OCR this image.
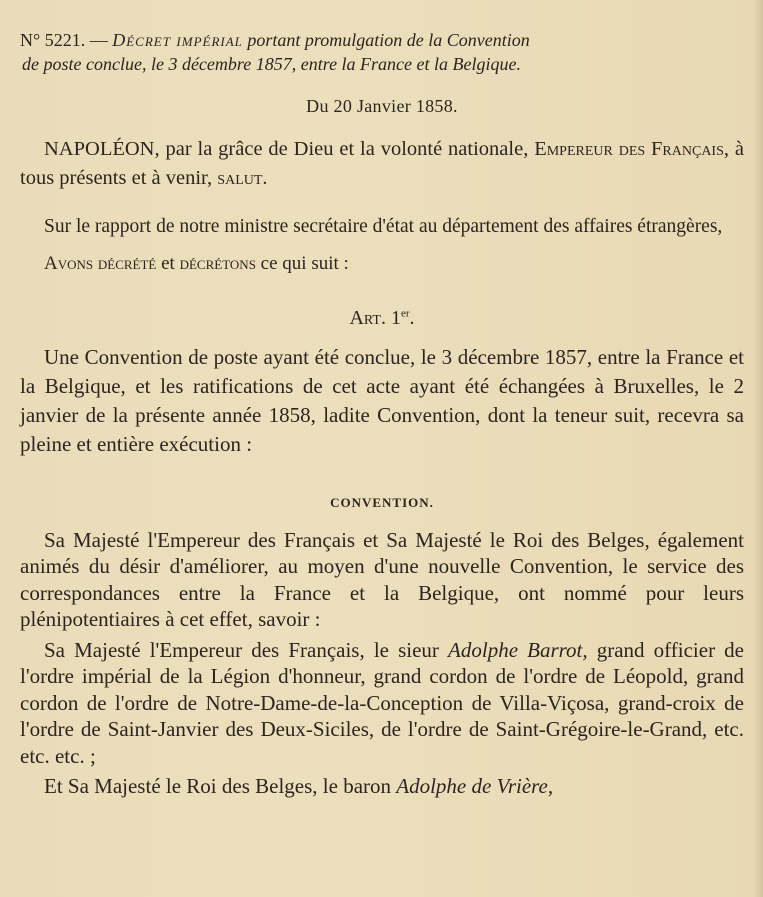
N° 5221. — Décret impérial portant promulgation de la Convention
de poste conclue, le 3 décembre 1857, entre la France et la Belgique.
Du 20 Janvier 1858.

NAPOLÉON, par la grâce de Dieu et la volonté nationale, Empereur des Français, à tous présents et à venir, salut.

Sur le rapport de notre ministre secrétaire d'état au département des affaires étrangères,

Avons décrété et décrétons ce qui suit :

Art. 1er.

Une Convention de poste ayant été conclue, le 3 décembre 1857, entre la France et la Belgique, et les ratifications de cet acte ayant été échangées à Bruxelles, le 2 janvier de la présente année 1858, ladite Convention, dont la teneur suit, recevra sa pleine et entière exécution :

CONVENTION.

Sa Majesté l'Empereur des Français et Sa Majesté le Roi des Belges, également animés du désir d'améliorer, au moyen d'une nouvelle Convention, le service des correspondances entre la France et la Belgique, ont nommé pour leurs plénipotentiaires à cet effet, savoir :

Sa Majesté l'Empereur des Français, le sieur Adolphe Barrot, grand officier de l'ordre impérial de la Légion d'honneur, grand cordon de l'ordre de Léopold, grand cordon de l'ordre de Notre-Dame-de-la-Conception de Villa-Viçosa, grand-croix de l'ordre de Saint-Janvier des Deux-Siciles, de l'ordre de Saint-Grégoire-le-Grand, etc. etc. etc. ;

Et Sa Majesté le Roi des Belges, le baron Adolphe de Vrière,
